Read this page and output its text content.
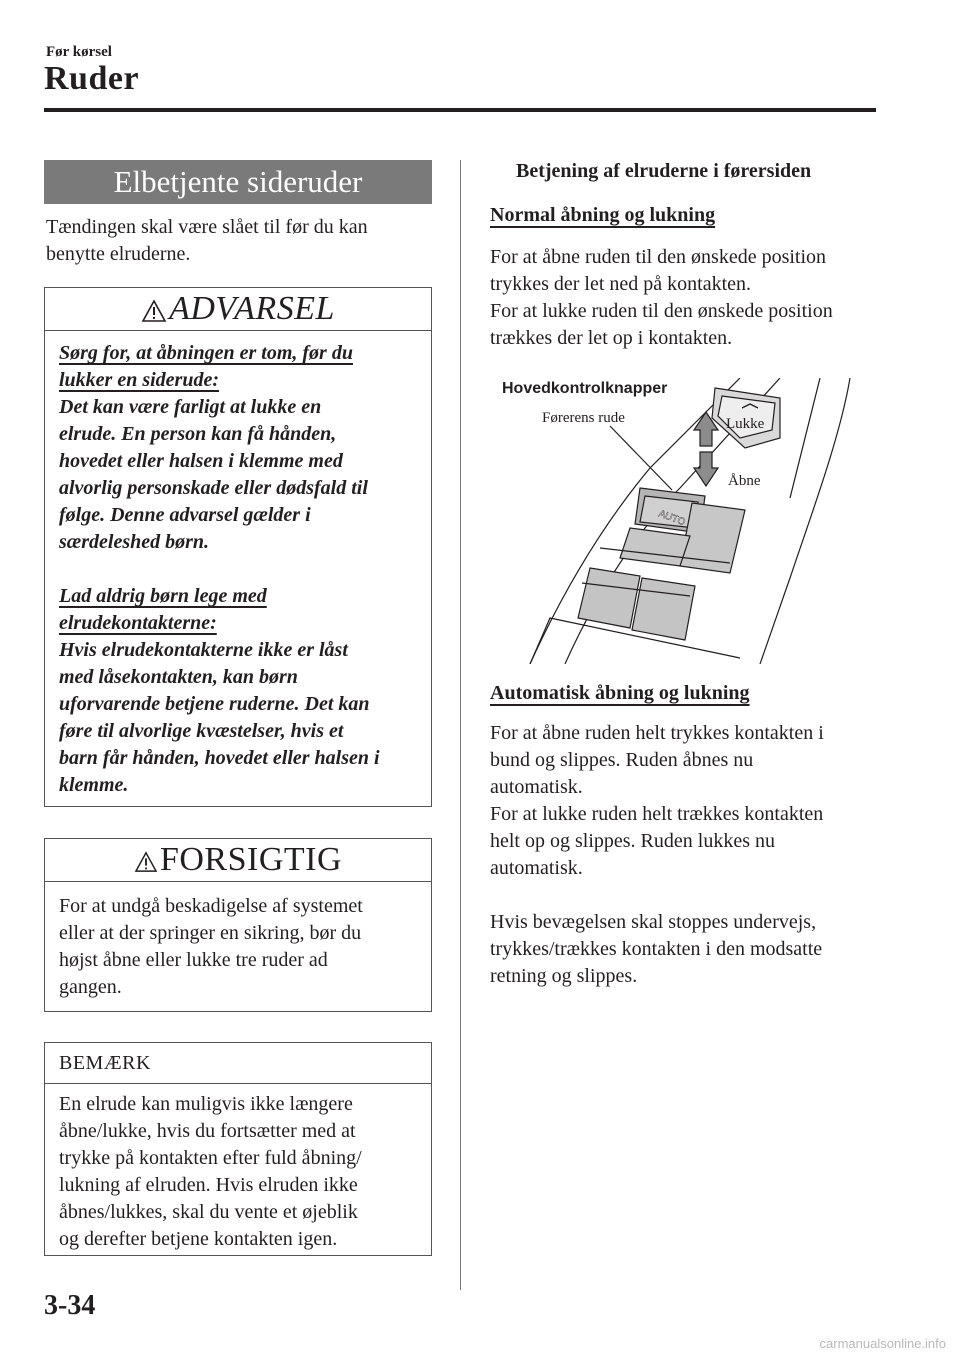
Før kørsel
Ruder
Elbetjente sideruder
Tændingen skal være slået til før du kan
benytte elruderne.
ADVARSEL
Sørg for, at åbningen er tom, før du
lukker en siderude:
Det kan være farligt at lukke en
elrude. En person kan få hånden,
hovedet eller halsen i klemme med
alvorlig personskade eller dødsfald til
følge. Denne advarsel gælder i
særdeleshed børn.
Lad aldrig børn lege med
elrudekontakterne:
Hvis elrudekontakterne ikke er låst
med låsekontakten, kan børn
uforvarende betjene ruderne. Det kan
føre til alvorlige kvæstelser, hvis et
barn får hånden, hovedet eller halsen i
klemme.
FORSIGTIG
For at undgå beskadigelse af systemet
eller at der springer en sikring, bør du
højst åbne eller lukke tre ruder ad
gangen.
BEMÆRK
En elrude kan muligvis ikke længere
åbne/lukke, hvis du fortsætter med at
trykke på kontakten efter fuld åbning/
lukning af elruden. Hvis elruden ikke
åbnes/lukkes, skal du vente et øjeblik
og derefter betjene kontakten igen.
Betjening af elruderne i førersiden
Normal åbning og lukning
For at åbne ruden til den ønskede position
trykkes der let ned på kontakten.
For at lukke ruden til den ønskede position
trækkes der let op i kontakten.
AUTO
Hovedkontrolknapper
Førerens rude	Lukke
Åbne
Automatisk åbning og lukning
For at åbne ruden helt trykkes kontakten i
bund og slippes. Ruden åbnes nu
automatisk.
For at lukke ruden helt trækkes kontakten
helt op og slippes. Ruden lukkes nu
automatisk.
Hvis bevægelsen skal stoppes undervejs,
trykkes/trækkes kontakten i den modsatte
retning og slippes.
3-34
carmanualsonline.info
